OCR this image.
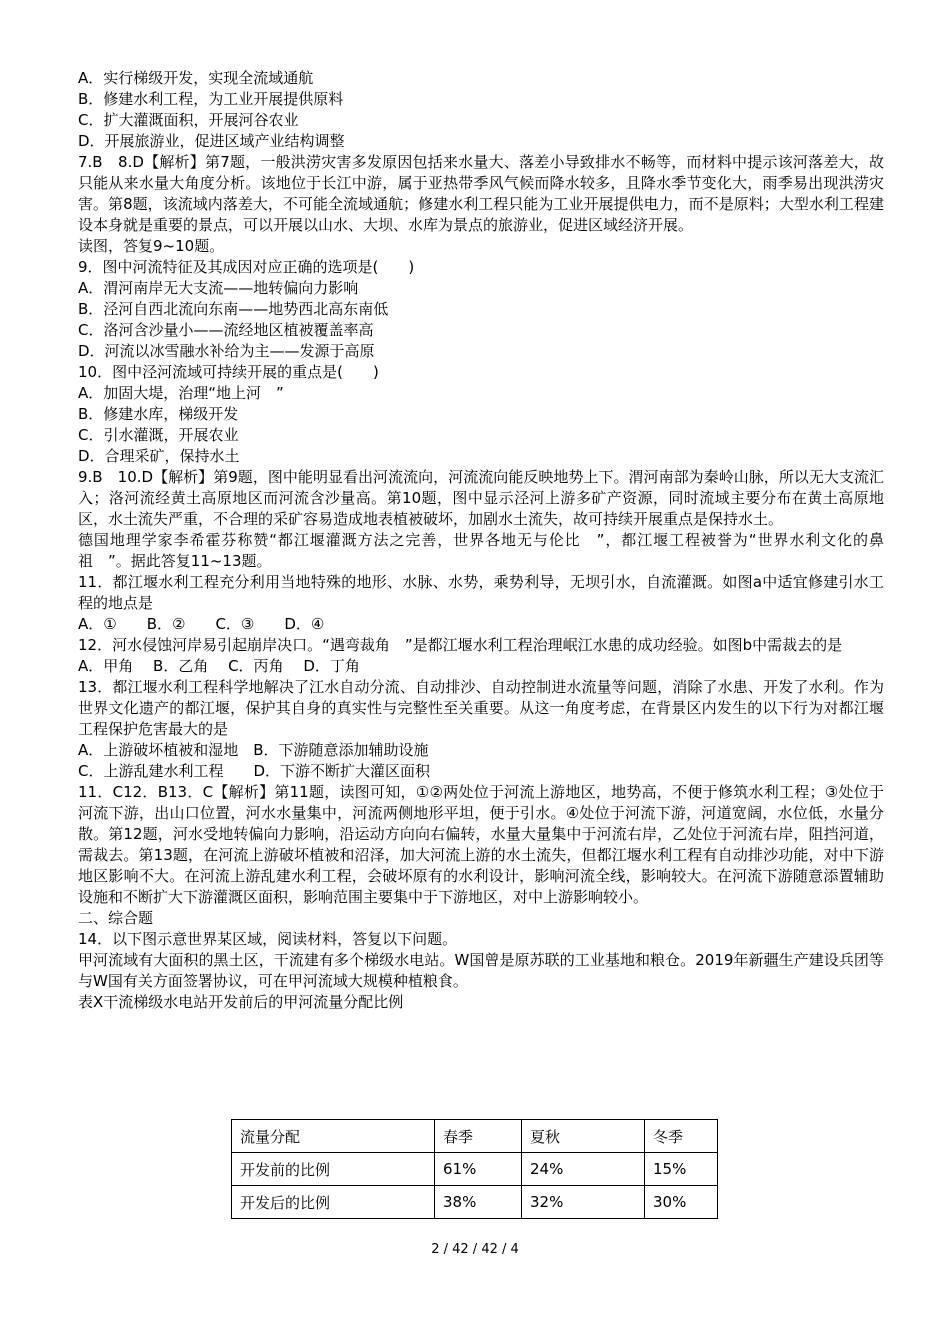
A．实行梯级开发，实现全流域通航
B．修建水利工程，为工业开展提供原料
C．扩大灌溉面积，开展河谷农业
D．开展旅游业，促进区域产业结构调整
7.B　8.D【解析】第7题，一般洪涝灾害多发原因包括来水量大、落差小导致排水不畅等，而材料中提示该河落差大，故只能从来水量大角度分析。该地位于长江中游，属于亚热带季风气候而降水较多，且降水季节变化大，雨季易出现洪涝灾害。第8题，该流域内落差大，不可能全流域通航；修建水利工程只能为工业开展提供电力，而不是原料；大型水利工程建设本身就是重要的景点，可以开展以山水、大坝、水库为景点的旅游业，促进区域经济开展。
读图，答复9~10题。
9．图中河流特征及其成因对应正确的选项是(　　)
A．渭河南岸无大支流——地转偏向力影响
B．泾河自西北流向东南——地势西北高东南低
C．洛河含沙量小——流经地区植被覆盖率高
D．河流以冰雪融水补给为主——发源于高原
10．图中泾河流域可持续开展的重点是(　　)
A．加固大堤，治理“地上河　”
B．修建水库，梯级开发
C．引水灌溉，开展农业
D．合理采矿，保持水土
9.B　10.D【解析】第9题，图中能明显看出河流流向，河流流向能反映地势上下。渭河南部为秦岭山脉，所以无大支流汇入；洛河流经黄土高原地区而河流含沙量高。第10题，图中显示泾河上游多矿产资源，同时流域主要分布在黄土高原地区，水土流失严重，不合理的采矿容易造成地表植被破坏，加剧水土流失，故可持续开展重点是保持水土。
德国地理学家李希霍芬称赞“都江堰灌溉方法之完善，世界各地无与伦比　”，都江堰工程被誉为“世界水利文化的鼻祖　”。据此答复11~13题。
11．都江堰水利工程充分利用当地特殊的地形、水脉、水势，乘势利导，无坝引水，自流灌溉。如图a中适宜修建引水工程的地点是
A．①　　B．②　　C．③　　D．④
12．河水侵蚀河岸易引起崩岸决口。“遇弯裁角　”是都江堰水利工程治理岷江水患的成功经验。如图b中需裁去的是
A．甲角　 B．乙角　 C．丙角　 D．丁角
13．都江堰水利工程科学地解决了江水自动分流、自动排沙、自动控制进水流量等问题，消除了水患、开发了水利。作为世界文化遗产的都江堰，保护其自身的真实性与完整性至关重要。从这一角度考虑，在背景区内发生的以下行为对都江堰工程保护危害最大的是
A．上游破坏植被和湿地　B．下游随意添加辅助设施
C．上游乱建水利工程　　D．下游不断扩大灌区面积
11．C12．B13．C【解析】第11题，读图可知，①②两处位于河流上游地区，地势高，不便于修筑水利工程；③处位于河流下游，出山口位置，河水水量集中，河流两侧地形平坦，便于引水。④处位于河流下游，河道宽阔，水位低，水量分散。第12题，河水受地转偏向力影响，沿运动方向向右偏转，水量大量集中于河流右岸，乙处位于河流右岸，阻挡河道，需裁去。第13题，在河流上游破坏植被和沼泽，加大河流上游的水土流失，但都江堰水利工程有自动排沙功能，对中下游地区影响不大。在河流上游乱建水利工程，会破坏原有的水利设计，影响河流全线，影响较大。在河流下游随意添置辅助设施和不断扩大下游灌溉区面积，影响范围主要集中于下游地区，对中上游影响较小。
二、综合题
14．以下图示意世界某区域，阅读材料，答复以下问题。
甲河流域有大面积的黑土区，干流建有多个梯级水电站。W国曾是原苏联的工业基地和粮仓。2019年新疆生产建设兵团等与W国有关方面签署协议，可在甲河流域大规模种植粮食。
表X干流梯级水电站开发前后的甲河流量分配比例
流量分配	春季	夏秋	冬季
开发前的比例	61%	24%	15%
开发后的比例	38%	32%	30%
2 / 42 / 42 / 4
